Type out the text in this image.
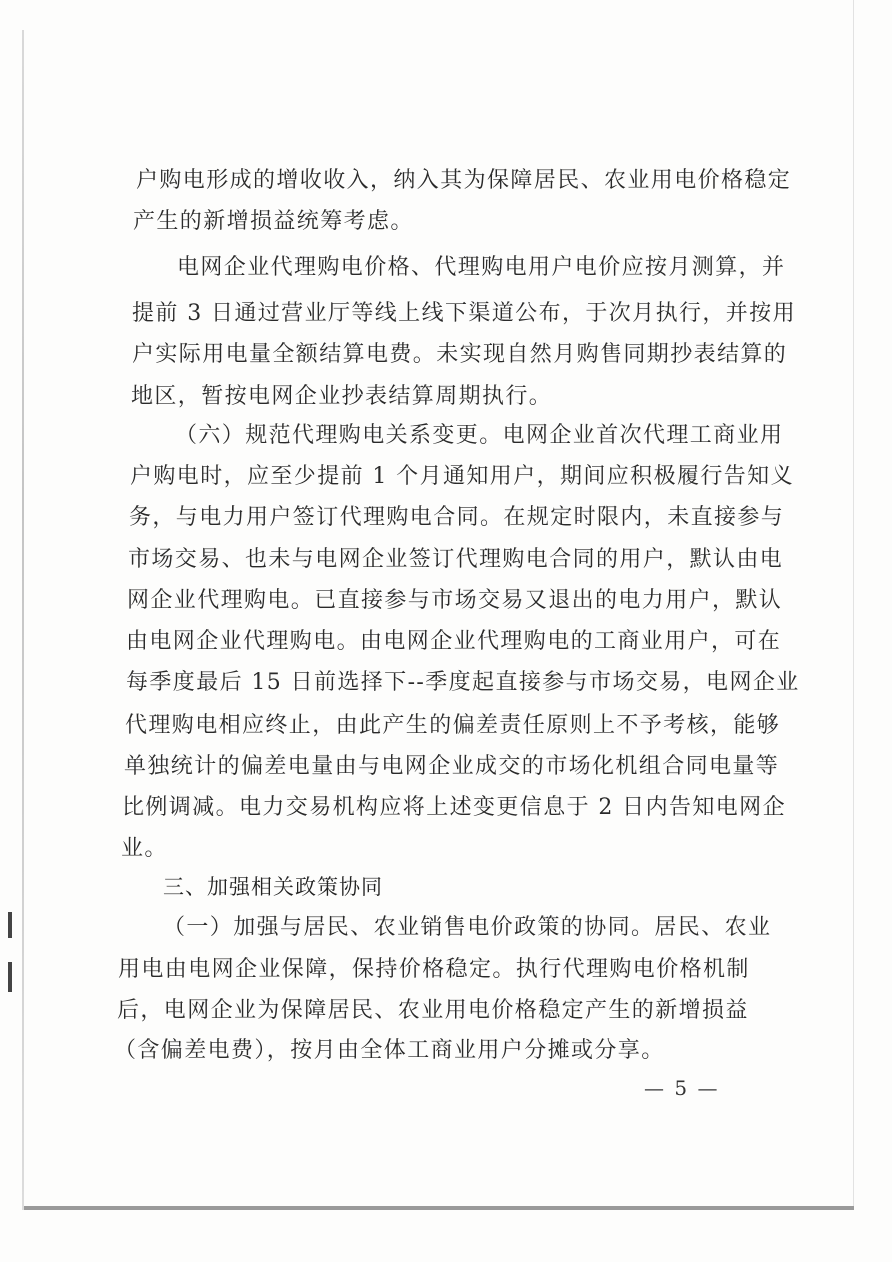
户购电形成的增收收入，纳入其为保障居民、农业用电价格稳定
产生的新增损益统筹考虑。
电网企业代理购电价格、代理购电用户电价应按月测算，并
提前 3 日通过营业厅等线上线下渠道公布，于次月执行，并按用
户实际用电量全额结算电费。未实现自然月购售同期抄表结算的
地区，暂按电网企业抄表结算周期执行。
（六）规范代理购电关系变更。电网企业首次代理工商业用
户购电时，应至少提前 1 个月通知用户，期间应积极履行告知义
务，与电力用户签订代理购电合同。在规定时限内，未直接参与
市场交易、也未与电网企业签订代理购电合同的用户，默认由电
网企业代理购电。已直接参与市场交易又退出的电力用户，默认
由电网企业代理购电。由电网企业代理购电的工商业用户，可在
每季度最后 15 日前选择下--季度起直接参与市场交易，电网企业
代理购电相应终止，由此产生的偏差责任原则上不予考核，能够
单独统计的偏差电量由与电网企业成交的市场化机组合同电量等
比例调减。电力交易机构应将上述变更信息于 2 日内告知电网企
业。
三、加强相关政策协同
（一）加强与居民、农业销售电价政策的协同。居民、农业
用电由电网企业保障，保持价格稳定。执行代理购电价格机制
后，电网企业为保障居民、农业用电价格稳定产生的新增损益
（含偏差电费），按月由全体工商业用户分摊或分享。
— 5 —
